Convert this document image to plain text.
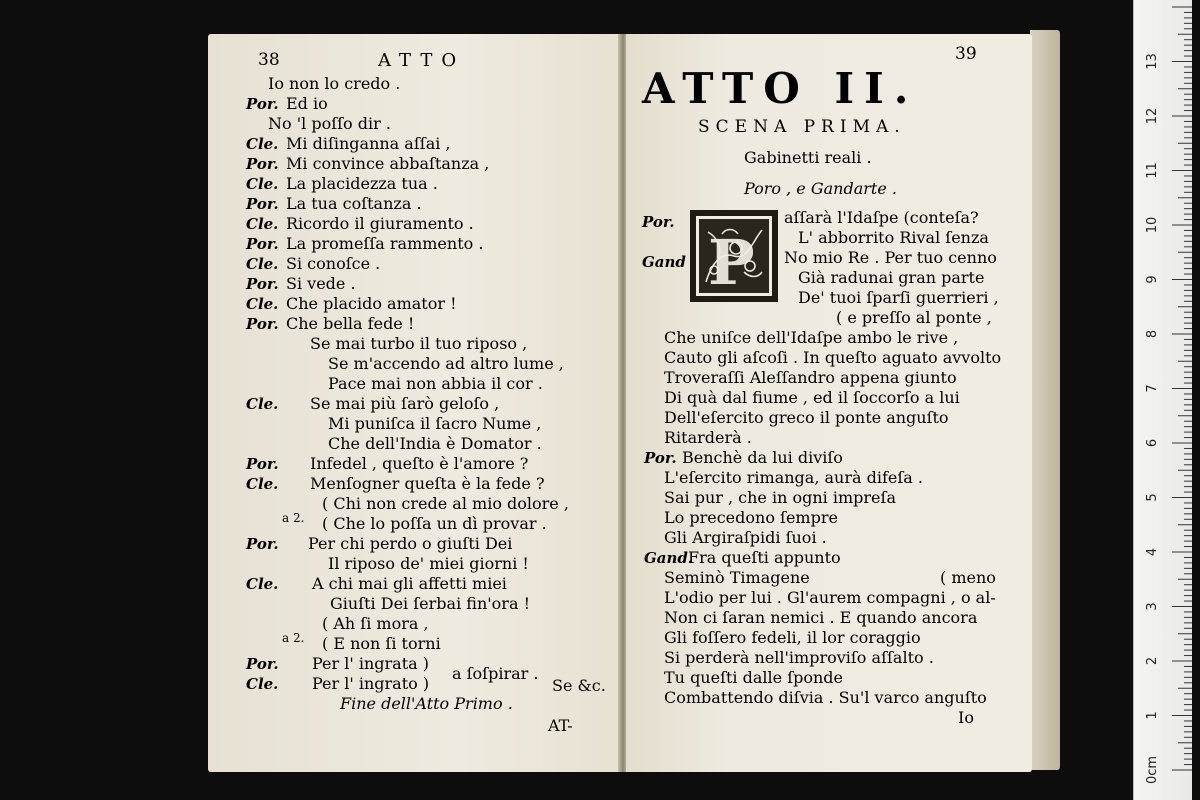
38	ATTO
Io non lo credo .
Por. Ed io
No 'l poſſo dir .
Cle. Mi diſinganna aſſai ,
Por. Mi convince abbaſtanza ,
Cle. La placidezza tua .
Por. La tua coſtanza .
Cle. Ricordo il giuramento .
Por. La promeſſa rammento .
Cle. Si conoſce .
Por. Si vede .
Cle. Che placido amator !
Por. Che bella fede !
Se mai turbo il tuo riposo ,
Se m'accendo ad altro lume ,
Pace mai non abbia il cor .
Cle. Se mai più ſarò geloſo ,
Mi puniſca il ſacro Nume ,
Che dell'India è Domator .
Por. Infedel , queſto è l'amore ?
Cle. Menſogner queſta è la fede ?
( Chi non crede al mio dolore ,
( Che lo poſſa un dì provar .
Por. Per chi perdo o giuſti Dei
Il riposo de' miei giorni !
Cle. A chi mai gli affetti miei
Giuſti Dei ſerbai fin'ora !
( Ah ſi mora ,
( E non ſi torni
Por. Per l' ingrata )
Cle. Per l' ingrato )
a 2.
a 2.
a ſoſpirar .
Se &c.
Fine dell'Atto Primo .
AT-
39
ATTO II.
SCENA PRIMA.
Gabinetti reali .
Poro , e Gandarte .
Por.
Gand P
aſſarà l'Idaſpe (conteſa?
L' abborrito Rival ſenza
No mio Re . Per tuo cenno
Già radunai gran parte
De' tuoi ſparſi guerrieri ,
( e preſſo al ponte ,
Che uniſce dell'Idaſpe ambo le rive ,
Cauto gli aſcoſi . In queſto aguato avvolto
Troveraſſi Aleſſandro appena giunto
Di quà dal fiume , ed il ſoccorſo a lui
Dell'eſercito greco il ponte anguſto
Ritarderà .
Por. Benchè da lui diviſo
L'eſercito rimanga, aurà difeſa .
Sai pur , che in ogni impreſa
Lo precedono ſempre
Gli Argiraſpidi ſuoi .
Gand.
Fra queſti appunto
Seminò Timagene
L'odio per lui . Gl'aurem compagni , o al-
Non ci ſaran nemici . E quando ancora
Gli foſſero fedeli, il lor coraggio
Si perderà nell'improviſo aſſalto .
Tu queſti dalle ſponde
Combattendo diſvia . Su'l varco anguſto
( meno
Io
0cm
1
2
3
4
5
6
7
8
9
10
11
12
13
